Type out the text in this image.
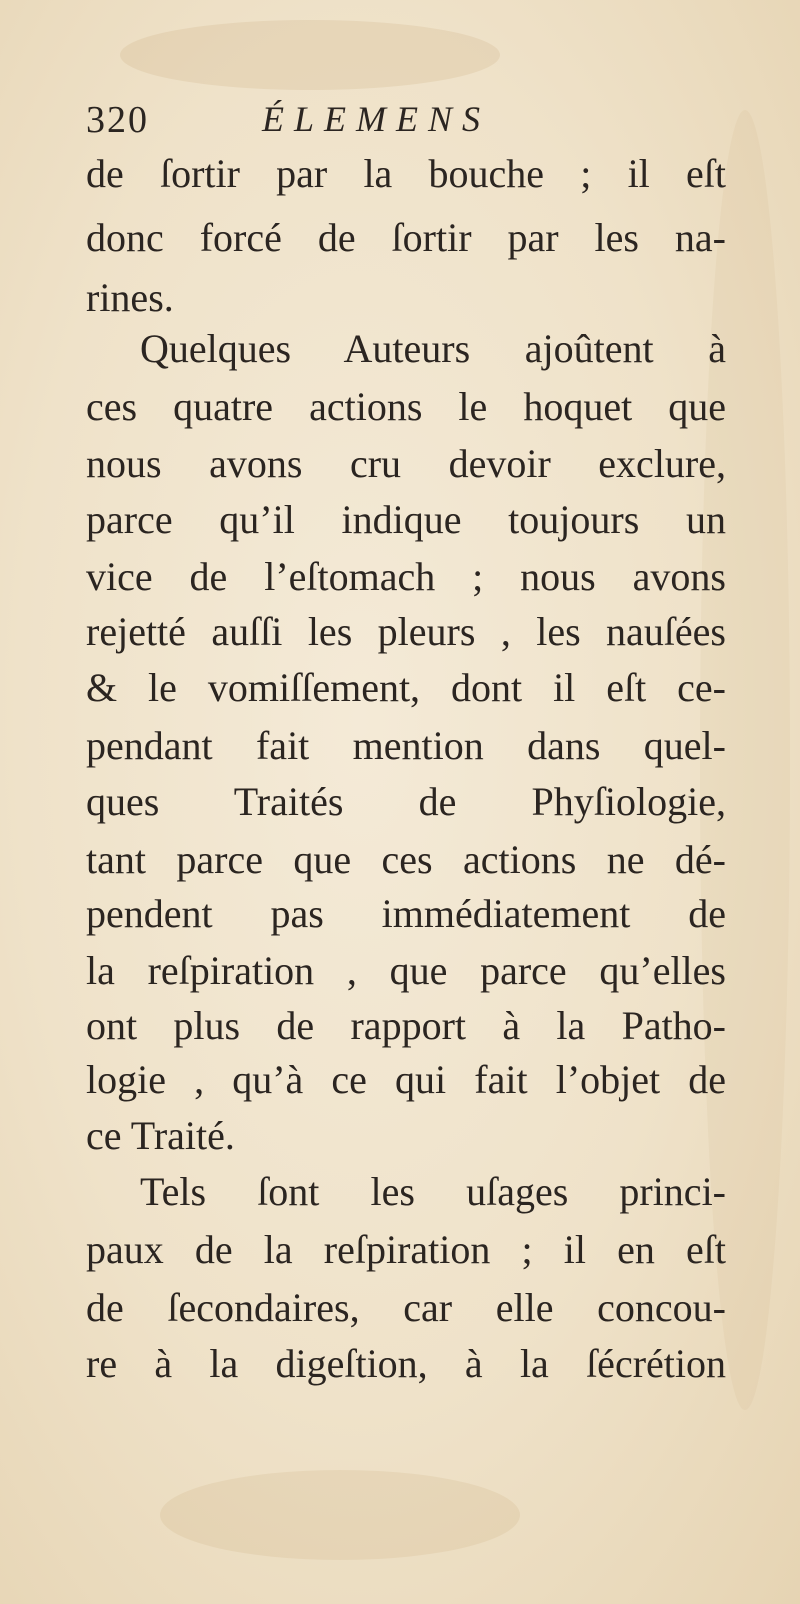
320	ÉLEMENS
de ſortir par la bouche ; il eſt
donc forcé de ſortir par les na-
rines.
Quelques Auteurs ajoûtent à
ces quatre actions le hoquet que
nous avons cru devoir exclure,
parce qu’il indique toujours un
vice de l’eſtomach ; nous avons
rejetté auſſi les pleurs , les nauſées
& le vomiſſement, dont il eſt ce-
pendant fait mention dans quel-
ques Traités de Phyſiologie,
tant parce que ces actions ne dé-
pendent pas immédiatement de
la reſpiration , que parce qu’elles
ont plus de rapport à la Patho-
logie , qu’à ce qui fait l’objet de
ce Traité.
Tels ſont les uſages princi-
paux de la reſpiration ; il en eſt
de ſecondaires, car elle concou-
re à la digeſtion, à la ſécrétion
